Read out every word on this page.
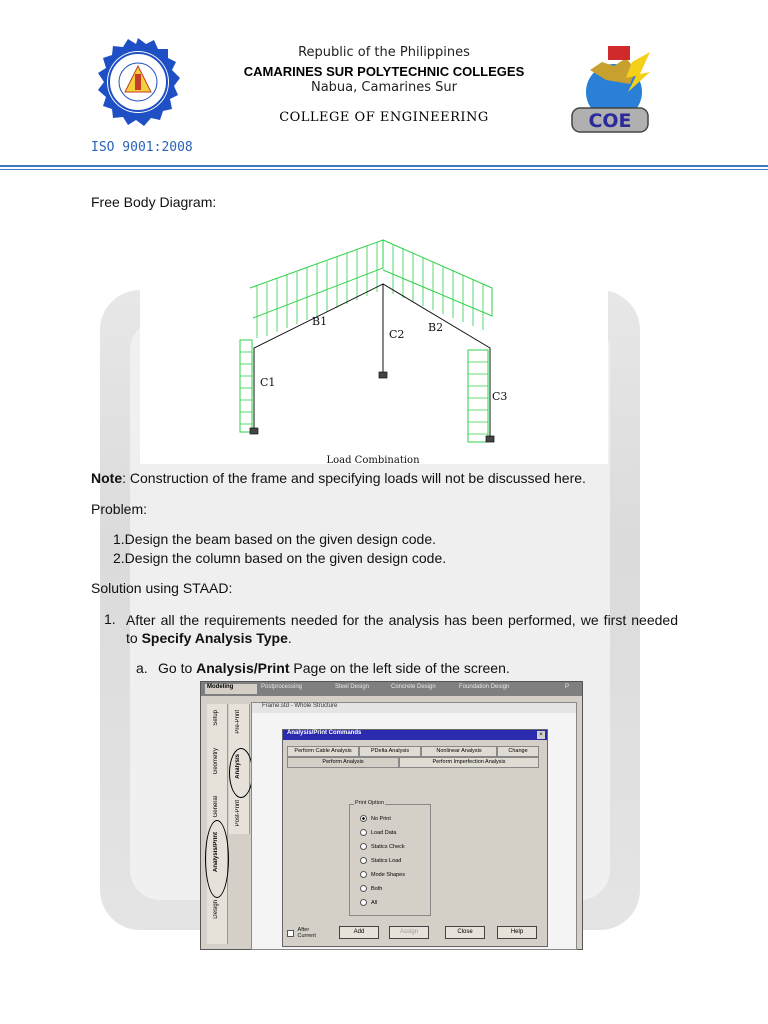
Republic of the Philippines
CAMARINES SUR POLYTECHNIC COLLEGES
Nabua, Camarines Sur
COLLEGE OF ENGINEERING	COE
ISO 9001:2008
Free Body Diagram:
B1
C2
B2
C1
C3
Load Combination
Note: Construction of the frame and specifying loads will not be discussed here.
Problem:
1.Design the beam based on the given design code.
2.Design the column based on the given design code.
Solution using STAAD:
1. After all the requirements needed for the analysis has been performed, we first needed to Specify Analysis Type.
a. Go to Analysis/Print Page on the left side of the screen.
Modeling	Postprocessing	Steel Design	Concrete Design	Foundation Design	P
Setup
Geometry
General
Analysis/Print
Design
Pre-Print
Analysis
Post-Print
Frame.std - Whole Structure
Analysis/Print Commands	×
Perform Cable Analysis	PDelta Analysis	Nonlinear Analysis	Change
Perform Analysis	Perform Imperfection Analysis
Print Option
No Print
Load Data
Statics Check
Statics Load
Mode Shapes
Both
All
After
Current
Add	Assign	Close	Help
